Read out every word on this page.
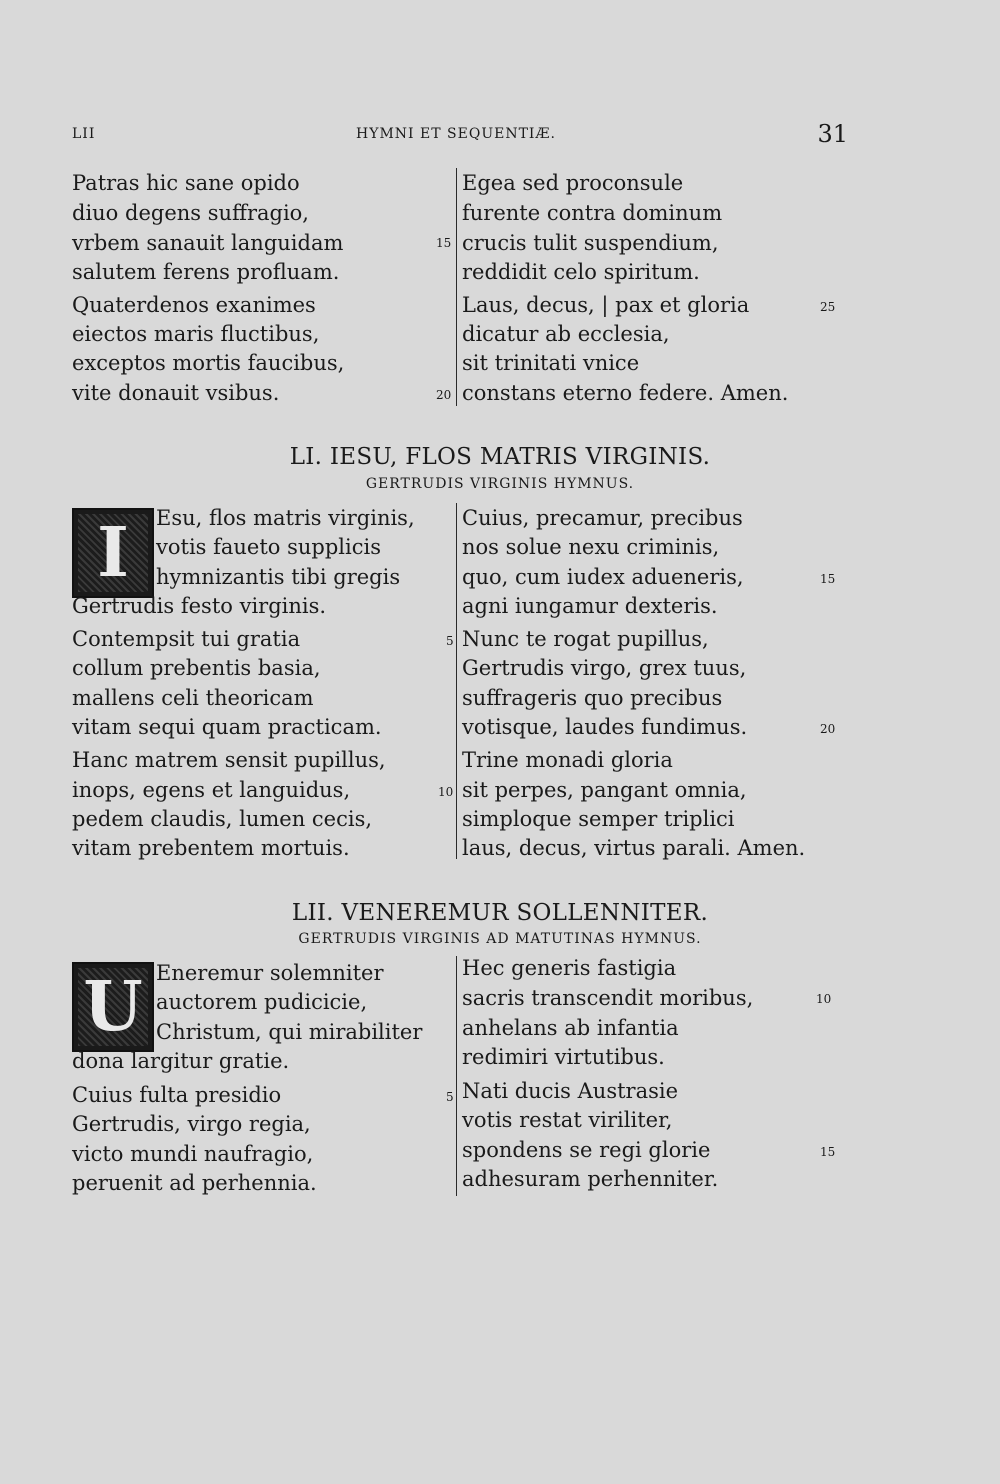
LII	HYMNI ET SEQUENTIÆ.	31
Patras hic sane opido
diuo degens suffragio,
vrbem sanauit languidam
salutem ferens profluam.
Quaterdenos exanimes
eiectos maris fluctibus,
exceptos mortis faucibus,
vite donauit vsibus.
15
20
Egea sed proconsule
furente contra dominum
crucis tulit suspendium,
reddidit celo spiritum.
Laus, decus, | pax et gloria
dicatur ab ecclesia,
sit trinitati vnice
constans eterno federe. Amen.
25
LI. IESU, FLOS MATRIS VIRGINIS.
GERTRUDIS VIRGINIS HYMNUS.
I	Esu, flos matris virginis,
votis faueto supplicis
hymnizantis tibi gregis
Gertrudis festo virginis.
Contempsit tui gratia
collum prebentis basia,
mallens celi theoricam
vitam sequi quam practicam.
Hanc matrem sensit pupillus,
inops, egens et languidus,
pedem claudis, lumen cecis,
vitam prebentem mortuis.
5
10
Cuius, precamur, precibus
nos solue nexu criminis,
quo, cum iudex adueneris,
agni iungamur dexteris.
Nunc te rogat pupillus,
Gertrudis virgo, grex tuus,
suffrageris quo precibus
votisque, laudes fundimus.
Trine monadi gloria
sit perpes, pangant omnia,
simploque semper triplici
laus, decus, virtus parali. Amen.
15
20
LII. VENEREMUR SOLLENNITER.
GERTRUDIS VIRGINIS AD MATUTINAS HYMNUS.
U Eneremur solemniter
auctorem pudicicie,
Christum, qui mirabiliter
dona largitur gratie.
Cuius fulta presidio
Gertrudis, virgo regia,
victo mundi naufragio,
peruenit ad perhennia.
5
Hec generis fastigia
sacris transcendit moribus,
anhelans ab infantia
redimiri virtutibus.
Nati ducis Austrasie
votis restat viriliter,
spondens se regi glorie
adhesuram perhenniter.
10
15
